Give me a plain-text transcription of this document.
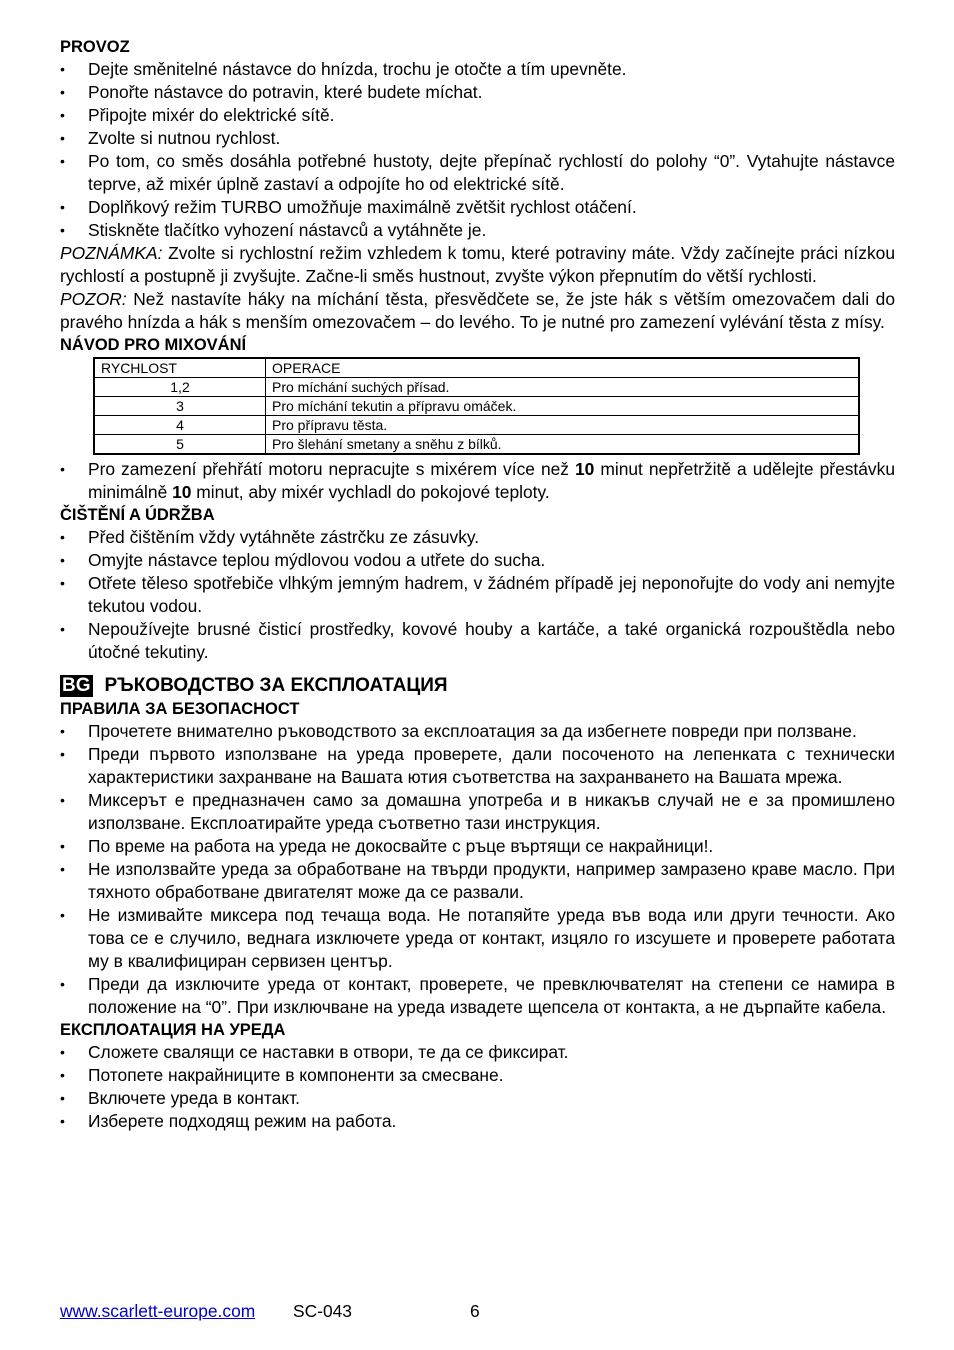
PROVOZ
• Dejte směnitelné nástavce do hnízda, trochu je otočte a tím upevněte.
• Ponořte nástavce do potravin, které budete míchat.
• Připojte mixér do elektrické sítě.
• Zvolte si nutnou rychlost.
• Po tom, co směs dosáhla potřebné hustoty, dejte přepínač rychlostí do polohy “0”. Vytahujte nástavce teprve, až mixér úplně zastaví a odpojíte ho od elektrické sítě.
• Doplňkový režim TURBO umožňuje maximálně zvětšit rychlost otáčení.
• Stiskněte tlačítko vyhození nástavců a vytáhněte je.

POZNÁMKA: Zvolte si rychlostní režim vzhledem k tomu, které potraviny máte. Vždy začínejte práci nízkou rychlostí a postupně ji zvyšujte. Začne-li směs hustnout, zvyšte výkon přepnutím do větší rychlosti.

POZOR: Než nastavíte háky na míchání těsta, přesvědčete se, že jste hák s větším omezovačem dali do pravého hnízda a hák s menším omezovačem – do levého. To je nutné pro zamezení vylévání těsta z mísy.

NÁVOD PRO MIXOVÁNÍ
RYCHLOST	OPERACE
1,2	Pro míchání suchých přísad.
3	Pro míchání tekutin a přípravu omáček.
4	Pro přípravu těsta.
5	Pro šlehání smetany a sněhu z bílků.
• Pro zamezení přehřátí motoru nepracujte s mixérem více než 10 minut nepřetržitě a udělejte přestávku minimálně 10 minut, aby mixér vychladl do pokojové teploty.
ČIŠTĚNÍ A ÚDRŽBA
• Před čištěním vždy vytáhněte zástrčku ze zásuvky.
• Omyjte nástavce teplou mýdlovou vodou a utřete do sucha.
• Otřete těleso spotřebiče vlhkým jemným hadrem, v žádném případě jej neponořujte do vody ani nemyjte tekutou vodou.
• Nepoužívejte brusné čisticí prostředky, kovové houby a kartáče, a také organická rozpouštědla nebo útočné tekutiny.
BG РЪКОВОДСТВО ЗА ЕКСПЛОАТАЦИЯ
ПРАВИЛА ЗА БЕЗОПАСНОСТ
• Прочетете внимателно ръководството за експлоатация за да избегнете повреди при ползване.
• Преди първото използване на уреда проверете, дали посоченото на лепенката с технически характеристики захранване на Вашата ютия съответства на захранването на Вашата мрежа.
• Миксерът е предназначен само за домашна употреба и в никакъв случай не е за промишлено използване. Експлоатирайте уреда съответно тази инструкция.
• По време на работа на уреда не докосвайте с ръце въртящи се накрайници!.
• Не използвайте уреда за обработване на твърди продукти, например замразено краве масло. При тяхното обработване двигателят може да се развали.
• Не измивайте миксера под течаща вода. Не потапяйте уреда във вода или други течности. Ако това се е случило, веднага изключете уреда от контакт, изцяло го изсушете и проверете работата му в квалифициран сервизен център.
• Преди да изключите уреда от контакт, проверете, че превключвателят на степени се намира в положение на “0”. При изключване на уреда извадете щепсела от контакта, а не дърпайте кабела.
ЕКСПЛОАТАЦИЯ НА УРЕДА
• Сложете свалящи се наставки в отвори, те да се фиксират.
• Потопете накрайниците в компоненти за смесване.
• Включете уреда в контакт.
• Изберете подходящ режим на работа.
www.scarlett-europe.com SC-043	6
